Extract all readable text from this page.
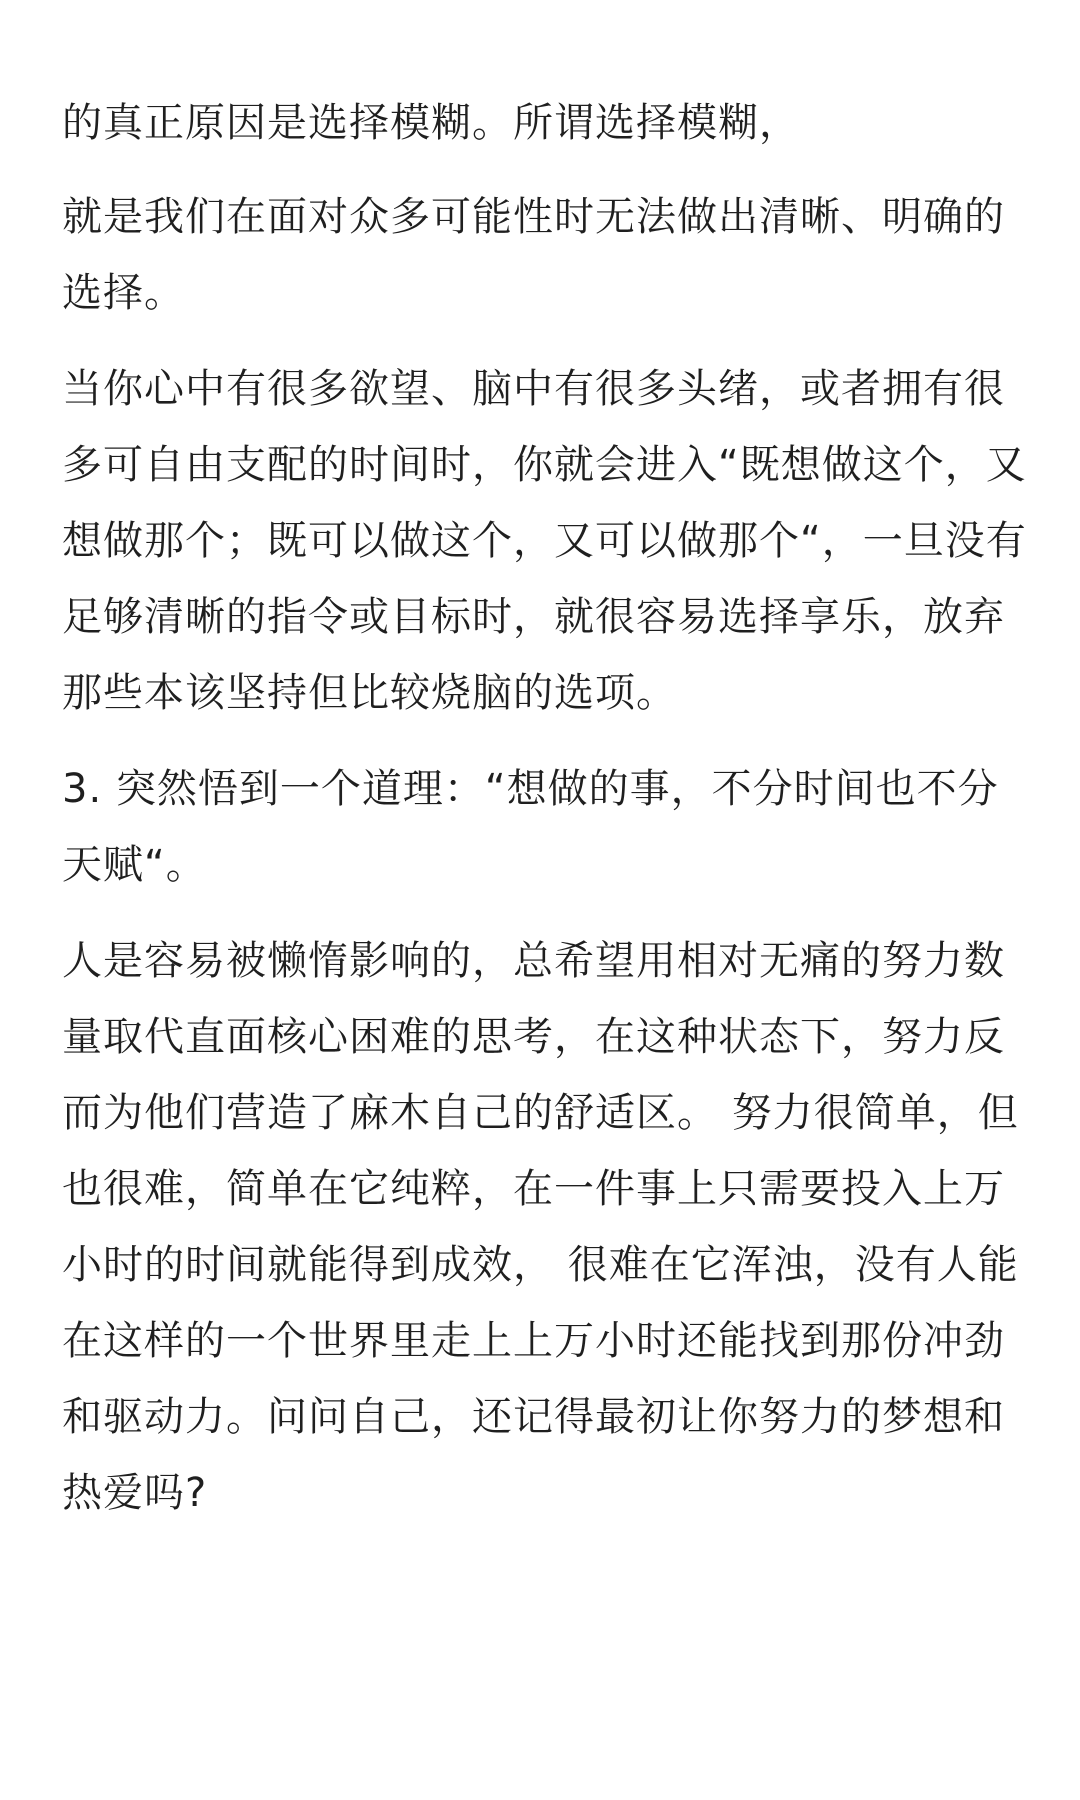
的真正原因是选择模糊。所谓选择模糊，

就是我们在面对众多可能性时无法做出清晰、明确的选择。

当你心中有很多欲望、脑中有很多头绪，或者拥有很多可自由支配的时间时，你就会进入“既想做这个，又想做那个；既可以做这个，又可以做那个“，一旦没有足够清晰的指令或目标时，就很容易选择享乐，放弃那些本该坚持但比较烧脑的选项。

3. 突然悟到一个道理：“想做的事，不分时间也不分天赋“。

人是容易被懒惰影响的，总希望用相对无痛的努力数量取代直面核心困难的思考，在这种状态下，努力反而为他们营造了麻木自己的舒适区。 努力很简单，但也很难，简单在它纯粹，在一件事上只需要投入上万小时的时间就能得到成效， 很难在它浑浊，没有人能在这样的一个世界里走上上万小时还能找到那份冲劲和驱动力。问问自己，还记得最初让你努力的梦想和热爱吗?
